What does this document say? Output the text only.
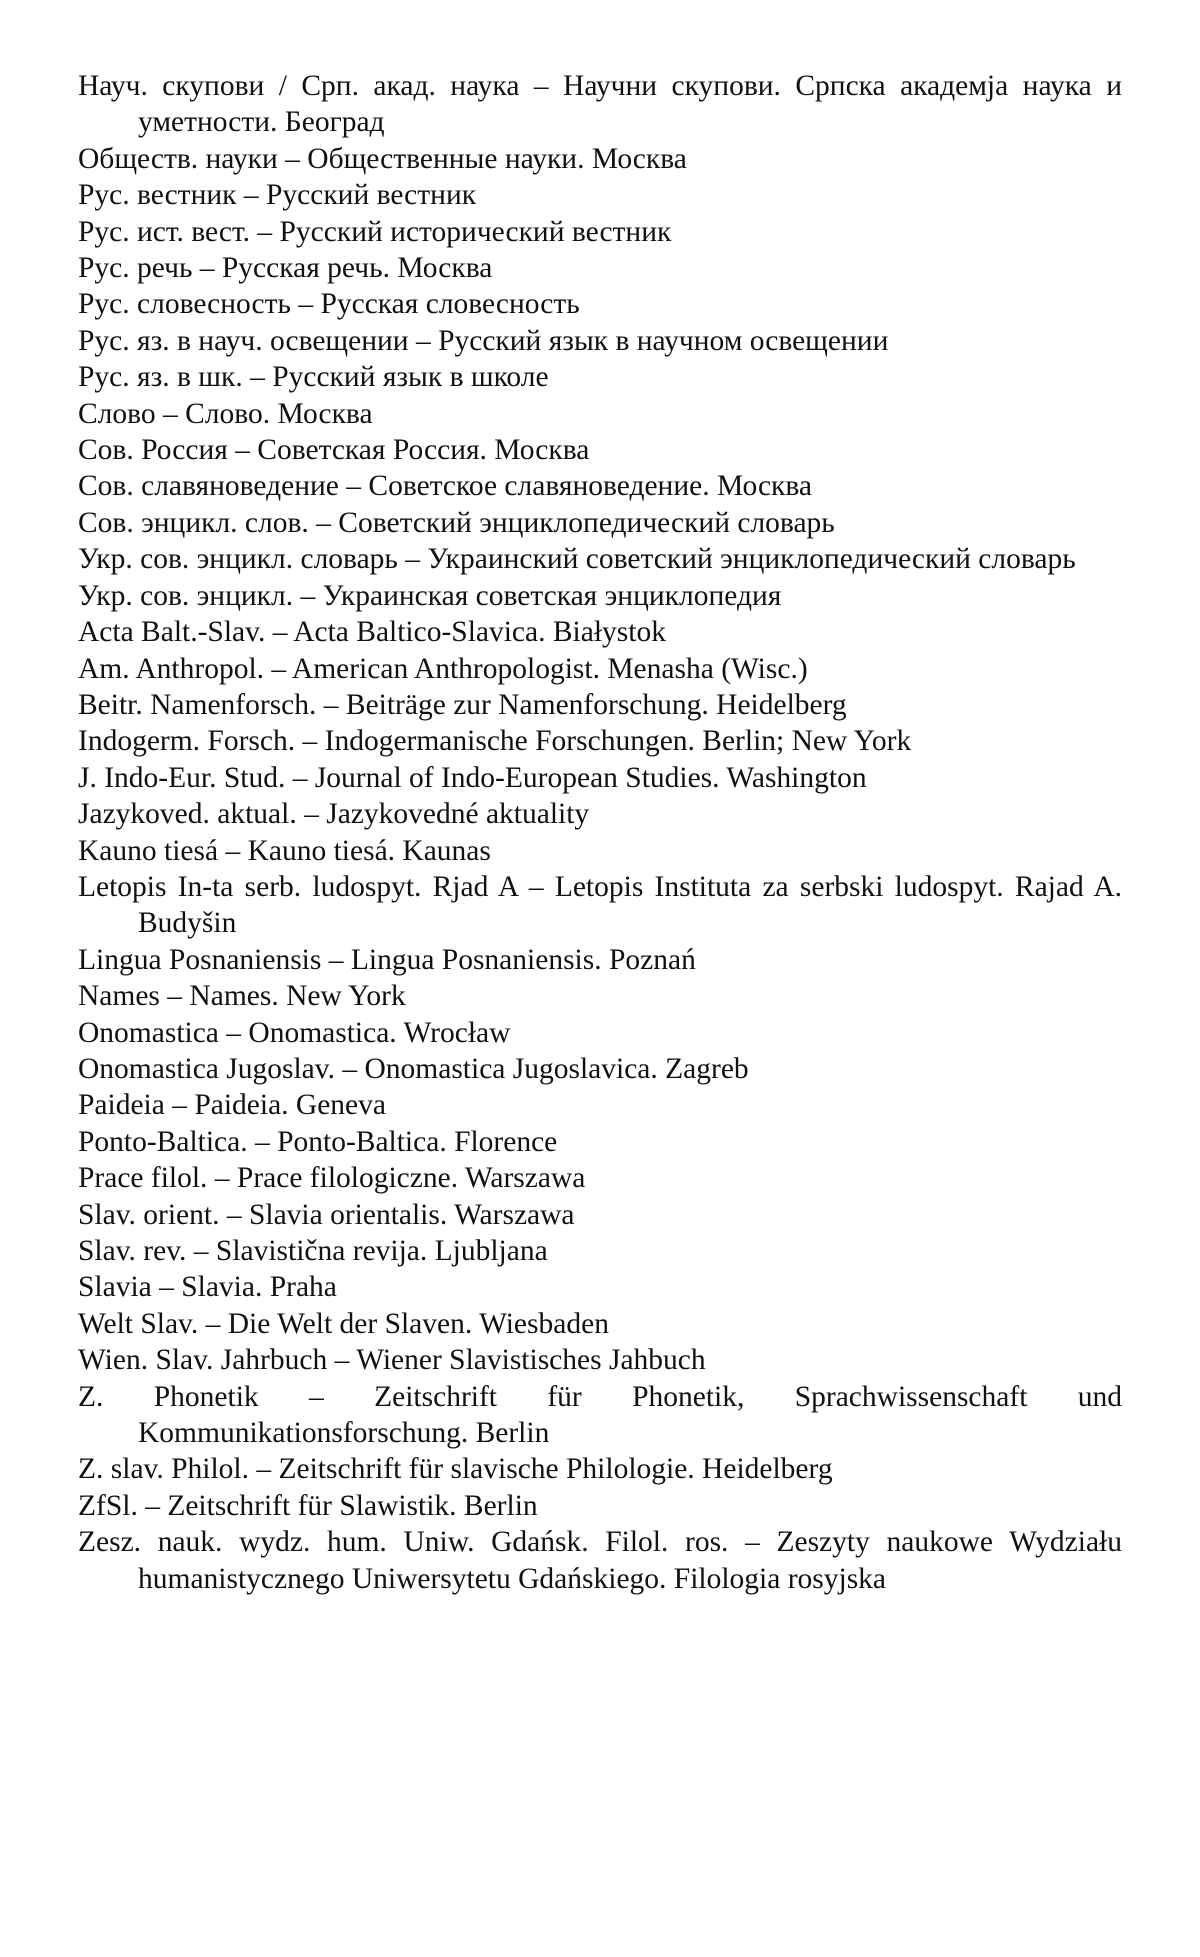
Науч. скупови / Срп. акад. наука – Научни скупови. Српска академја наука и уметности. Београд

Обществ. науки – Общественные науки. Москва

Рус. вестник – Русский вестник

Рус. ист. вест. – Русский исторический вестник

Рус. речь – Русская речь. Москва

Рус. словесность – Русская словесность

Рус. яз. в науч. освещении – Русский язык в научном освещении

Рус. яз. в шк. – Русский язык в школе

Слово – Слово. Москва

Сов. Россия – Советская Россия. Москва

Сов. славяноведение – Советское славяноведение. Москва

Сов. энцикл. слов. – Советский энциклопедический словарь

Укр. сов. энцикл. словарь – Украинский советский энциклопедический словарь

Укр. сов. энцикл. – Украинская советская энциклопедия

Acta Balt.-Slav. – Acta Baltico-Slavica. Białystok

Am. Anthropol. – American Anthropologist. Menasha (Wisc.)

Beitr. Namenforsch. – Beiträge zur Namenforschung. Heidelberg

Indogerm. Forsch. – Indogermanische Forschungen. Berlin; New York

J. Indo-Eur. Stud. – Journal of Indo-European Studies. Washington

Jazykoved. aktual. – Jazykovedné aktuality

Kauno tiesá – Kauno tiesá. Kaunas

Letopis In-ta serb. ludospyt. Rjad A – Letopis Instituta za serbski ludospyt. Rajad A. Budyšin

Lingua Posnaniensis – Lingua Posnaniensis. Poznań

Names – Names. New York

Onomastica – Onomastica. Wrocław

Onomastica Jugoslav. – Onomastica Jugoslavica. Zagreb

Paideia – Paideia. Geneva

Ponto-Baltica. – Ponto-Baltica. Florence

Prace filol. – Prace filologiczne. Warszawa

Slav. orient. – Slavia orientalis. Warszawa

Slav. rev. – Slavistična revija. Ljubljana

Slavia – Slavia. Praha

Welt Slav. – Die Welt der Slaven. Wiesbaden

Wien. Slav. Jahrbuch – Wiener Slavistisches Jahbuch

Z. Phonetik – Zeitschrift für Phonetik, Sprachwissenschaft und Kommunikationsforschung. Berlin

Z. slav. Philol. – Zeitschrift für slavische Philologie. Heidelberg

ZfSl. – Zeitschrift für Slawistik. Berlin

Zesz. nauk. wydz. hum. Uniw. Gdańsk. Filol. ros. – Zeszyty naukowe Wydziału humanistycznego Uniwersytetu Gdańskiego. Filologia rosyjska
